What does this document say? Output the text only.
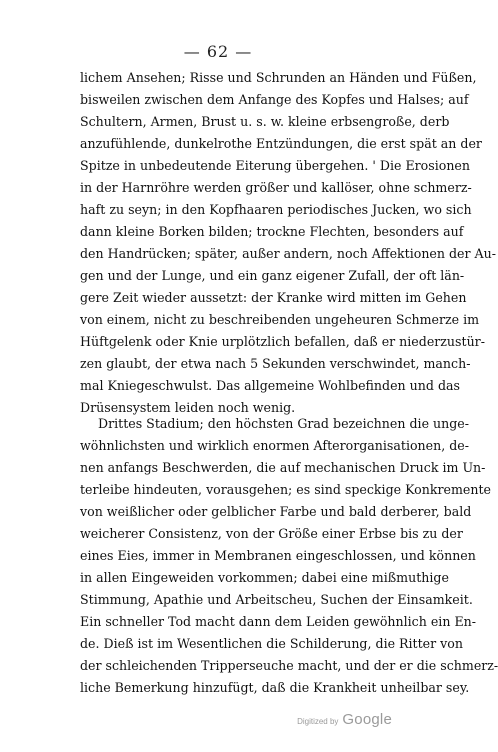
— 62 —
lichem Ansehen; Risse und Schrunden an Händen und Füßen,
bisweilen zwischen dem Anfange des Kopfes und Halses; auf
Schultern, Armen, Brust u. s. w. kleine erbsengroße, derb
anzufühlende, dunkelrothe Entzündungen, die erst spät an der
Spitze in unbedeutende Eiterung übergehen. ' Die Erosionen
in der Harnröhre werden größer und kallöser, ohne schmerz-
haft zu seyn; in den Kopfhaaren periodisches Jucken, wo sich
dann kleine Borken bilden; trockne Flechten, besonders auf
den Handrücken; später, außer andern, noch Affektionen der Au-
gen und der Lunge, und ein ganz eigener Zufall, der oft län-
gere Zeit wieder aussetzt: der Kranke wird mitten im Gehen
von einem, nicht zu beschreibenden ungeheuren Schmerze im
Hüftgelenk oder Knie urplötzlich befallen, daß er niederzustür-
zen glaubt, der etwa nach 5 Sekunden verschwindet, manch-
mal Kniegeschwulst. Das allgemeine Wohlbefinden und das
Drüsensystem leiden noch wenig.
Drittes Stadium; den höchsten Grad bezeichnen die unge-
wöhnlichsten und wirklich enormen Afterorganisationen, de-
nen anfangs Beschwerden, die auf mechanischen Druck im Un-
terleibe hindeuten, vorausgehen; es sind speckige Konkremente
von weißlicher oder gelblicher Farbe und bald derberer, bald
weicherer Consistenz, von der Größe einer Erbse bis zu der
eines Eies, immer in Membranen eingeschlossen, und können
in allen Eingeweiden vorkommen; dabei eine mißmuthige
Stimmung, Apathie und Arbeitscheu, Suchen der Einsamkeit.
Ein schneller Tod macht dann dem Leiden gewöhnlich ein En-
de. Dieß ist im Wesentlichen die Schilderung, die Ritter von
der schleichenden Tripperseuche macht, und der er die schmerz-
liche Bemerkung hinzufügt, daß die Krankheit unheilbar sey.
Digitized by Google
